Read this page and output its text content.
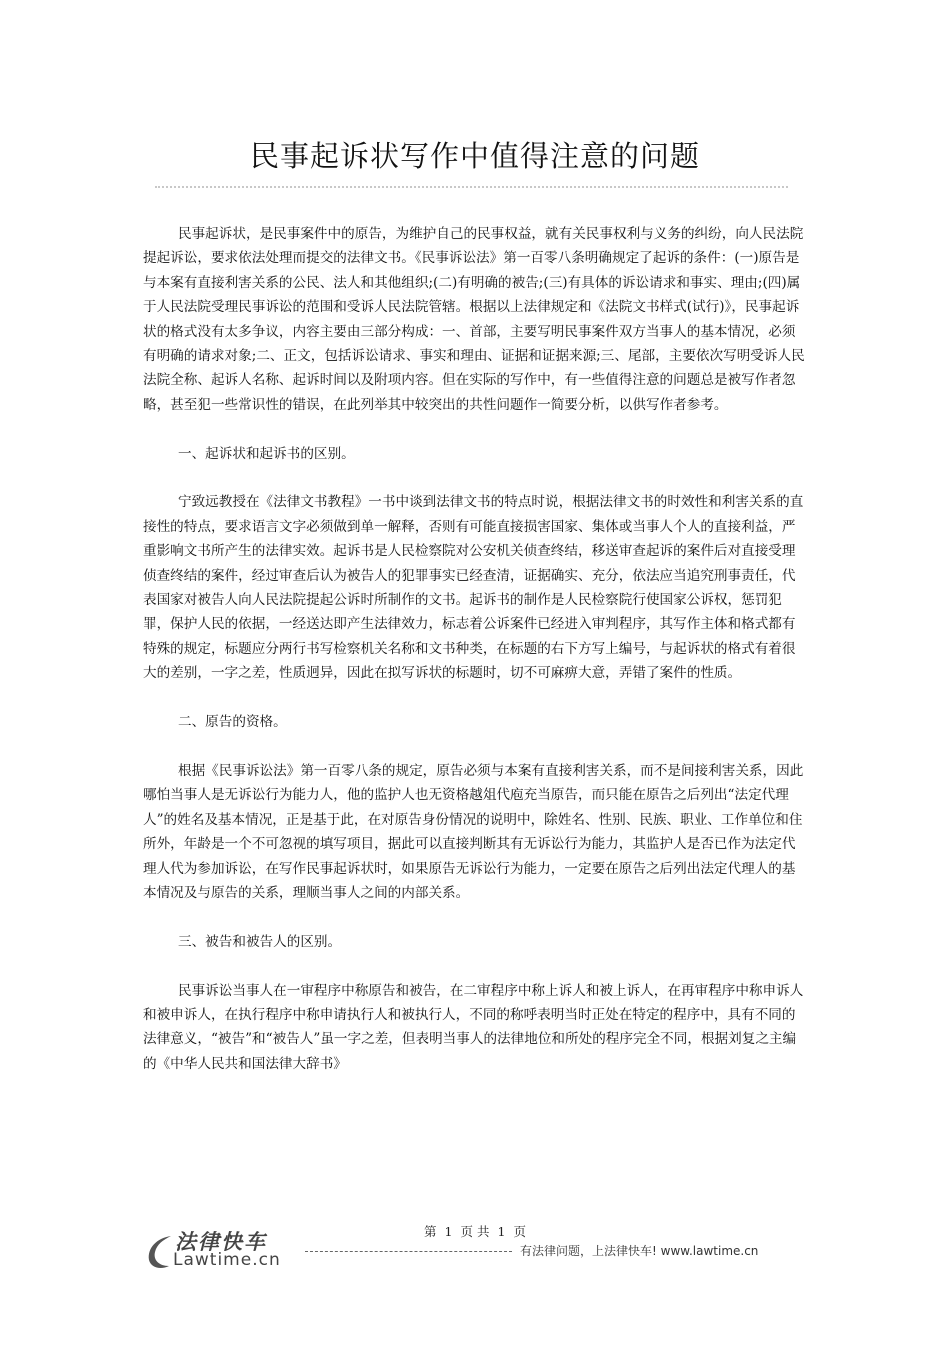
民事起诉状写作中值得注意的问题

民事起诉状，是民事案件中的原告，为维护自己的民事权益，就有关民事权利与义务的纠纷，向人民法院提起诉讼，要求依法处理而提交的法律文书。《民事诉讼法》第一百零八条明确规定了起诉的条件：(一)原告是与本案有直接利害关系的公民、法人和其他组织;(二)有明确的被告;(三)有具体的诉讼请求和事实、理由;(四)属于人民法院受理民事诉讼的范围和受诉人民法院管辖。根据以上法律规定和《法院文书样式(试行)》，民事起诉状的格式没有太多争议，内容主要由三部分构成：一、首部，主要写明民事案件双方当事人的基本情况，必须有明确的请求对象;二、正文，包括诉讼请求、事实和理由、证据和证据来源;三、尾部，主要依次写明受诉人民法院全称、起诉人名称、起诉时间以及附项内容。但在实际的写作中，有一些值得注意的问题总是被写作者忽略，甚至犯一些常识性的错误，在此列举其中较突出的共性问题作一简要分析，以供写作者参考。

一、起诉状和起诉书的区别。

宁致远教授在《法律文书教程》一书中谈到法律文书的特点时说，根据法律文书的时效性和利害关系的直接性的特点，要求语言文字必须做到单一解释，否则有可能直接损害国家、集体或当事人个人的直接利益，严重影响文书所产生的法律实效。起诉书是人民检察院对公安机关侦查终结，移送审查起诉的案件后对直接受理侦查终结的案件，经过审查后认为被告人的犯罪事实已经查清，证据确实、充分，依法应当追究刑事责任，代表国家对被告人向人民法院提起公诉时所制作的文书。起诉书的制作是人民检察院行使国家公诉权，惩罚犯罪，保护人民的依据，一经送达即产生法律效力，标志着公诉案件已经进入审判程序，其写作主体和格式都有特殊的规定，标题应分两行书写检察机关名称和文书种类，在标题的右下方写上编号，与起诉状的格式有着很大的差别，一字之差，性质迥异，因此在拟写诉状的标题时，切不可麻痹大意，弄错了案件的性质。

二、原告的资格。

根据《民事诉讼法》第一百零八条的规定，原告必须与本案有直接利害关系，而不是间接利害关系，因此哪怕当事人是无诉讼行为能力人，他的监护人也无资格越俎代庖充当原告，而只能在原告之后列出“法定代理人”的姓名及基本情况，正是基于此，在对原告身份情况的说明中，除姓名、性别、民族、职业、工作单位和住所外，年龄是一个不可忽视的填写项目，据此可以直接判断其有无诉讼行为能力，其监护人是否已作为法定代理人代为参加诉讼，在写作民事起诉状时，如果原告无诉讼行为能力，一定要在原告之后列出法定代理人的基本情况及与原告的关系，理顺当事人之间的内部关系。

三、被告和被告人的区别。

民事诉讼当事人在一审程序中称原告和被告，在二审程序中称上诉人和被上诉人，在再审程序中称申诉人和被申诉人，在执行程序中称申请执行人和被执行人，不同的称呼表明当时正处在特定的程序中，具有不同的法律意义，“被告”和“被告人”虽一字之差，但表明当事人的法律地位和所处的程序完全不同，根据刘复之主编的《中华人民共和国法律大辞书》

第 1 页 共 1 页
法律快车
Lawtime.cn	有法律问题，上法律快车! www.lawtime.cn
